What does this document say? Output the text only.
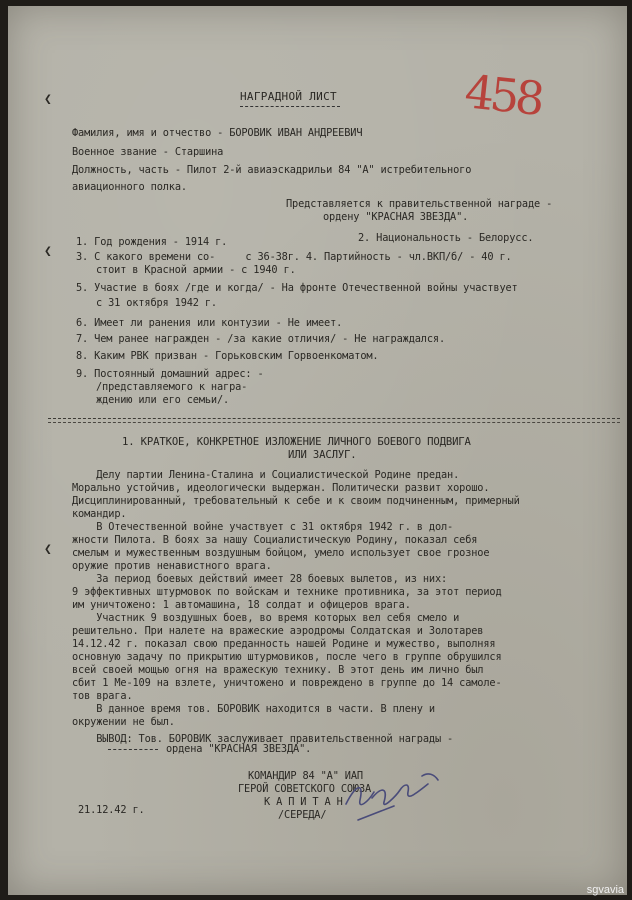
❮
❮
❮
458
НАГРАДНОЙ ЛИСТ
Фамилия, имя и отчество - БОРОВИК ИВАН АНДРЕЕВИЧ
Военное звание - Старшина
Должность, часть - Пилот 2-й авиаэскадрильи 84 "А" истребительного
авиационного полка.
Представляется к правительственной награде -
ордену "КРАСНАЯ ЗВЕЗДА".
1. Год рождения - 1914 г.	2. Национальность - Белорусс.
3. С какого времени со-     с 36-38г. 4. Партийность - чл.ВКП/б/ - 40 г.
стоит в Красной армии - с 1940 г.
5. Участие в боях /где и когда/ - На фронте Отечественной войны участвует
с 31 октября 1942 г.
6. Имеет ли ранения или контузии - Не имеет.
7. Чем ранее награжден - /за какие отличия/ - Не награждался.
8. Каким РВК призван - Горьковским Горвоенкоматом.
9. Постоянный домашний адрес: -
/представляемого к награ-
ждению или его семьи/.
1. КРАТКОЕ, КОНКРЕТНОЕ ИЗЛОЖЕНИЕ ЛИЧНОГО БОЕВОГО ПОДВИГА
ИЛИ ЗАСЛУГ.
Делу партии Ленина-Сталина и Социалистической Родине предан.
Морально устойчив, идеологически выдержан. Политически развит хорошо.
Дисциплинированный, требовательный к себе и к своим подчиненным, примерный
командир.
В Отечественной войне участвует с 31 октября 1942 г. в дол-
жности Пилота. В боях за нашу Социалистическую Родину, показал себя
смелым и мужественным воздушным бойцом, умело использует свое грозное
оружие против ненавистного врага.
За период боевых действий имеет 28 боевых вылетов, из них:
9 эффективных штурмовок по войскам и технике противника, за этот период
им уничтожено: 1 автомашина, 18 солдат и офицеров врага.
Участник 9 воздушных боев, во время которых вел себя смело и
решительно. При налете на вражеские аэродромы Солдатская и Золотарев
14.12.42 г. показал свою преданность нашей Родине и мужество, выполняя
основную задачу по прикрытию штурмовиков, после чего в группе обрушился
всей своей мощью огня на вражескую технику. В этот день им лично был
сбит 1 Ме-109 на взлете, уничтожено и повреждено в группе до 14 самоле-
тов врага.
В данное время тов. БОРОВИК находится в части. В плену и
окружении не был.
ВЫВОД: Тов. БОРОВИК заслуживает правительственной награды -
ордена "КРАСНАЯ ЗВЕЗДА".
КОМАНДИР 84 "А" ИАП
ГЕРОЙ СОВЕТСКОГО СОЮЗА
К А П И Т А Н
/СЕРЕДА/
21.12.42 г.
sgvavia
